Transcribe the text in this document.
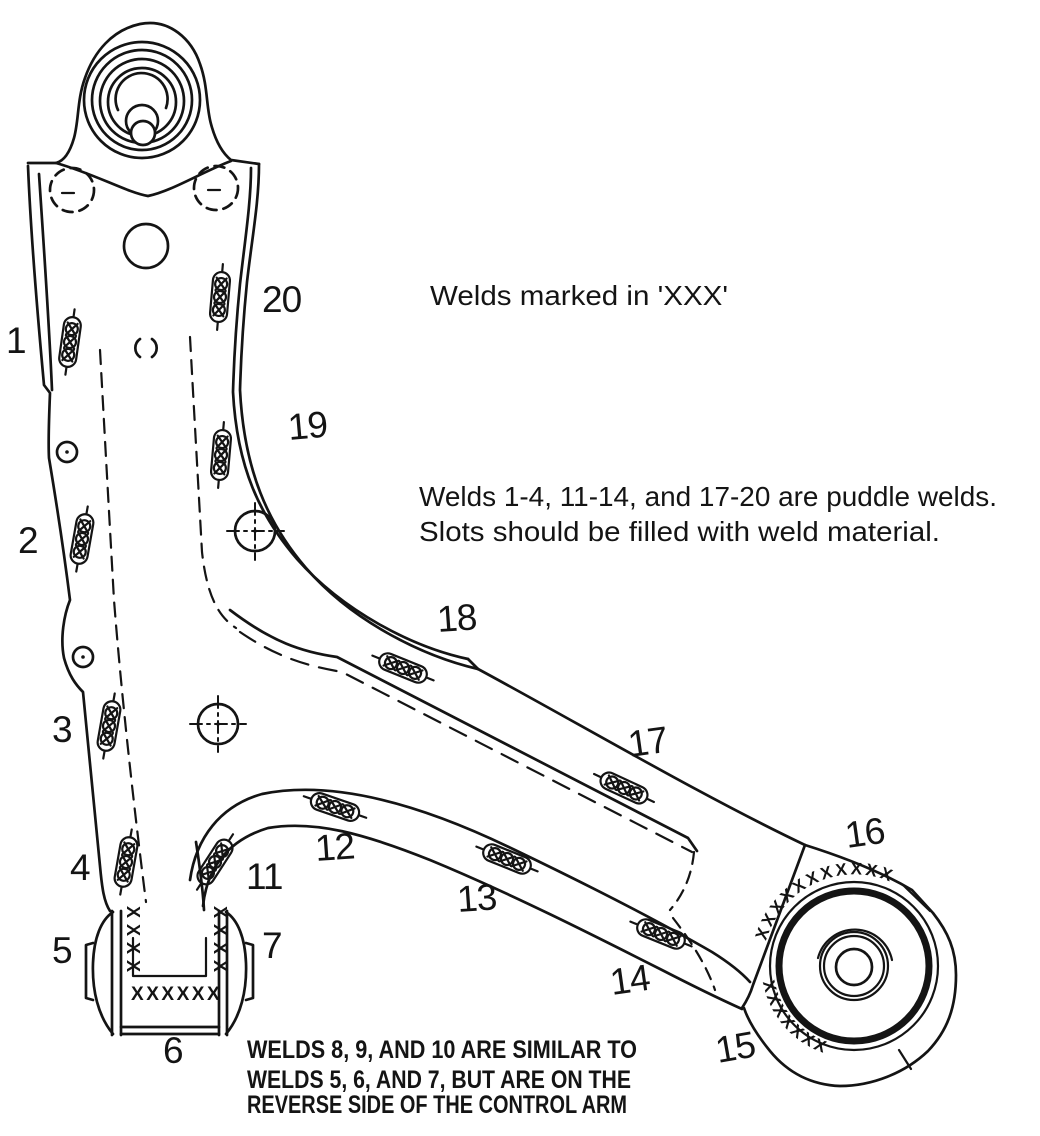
XXXXXXXXXXX
XXXXXXX
XXXX
XXXX
XXXXXX
1
2
3
4
5
6
7
11
12
13
14
15
16
17
18
19
20	Welds marked in 'XXX'
Welds 1-4, 11-14, and 17-20 are puddle welds.
Slots should be filled with weld material.
WELDS 8, 9, AND 10 ARE SIMILAR TO
WELDS 5, 6, AND 7, BUT ARE ON THE
REVERSE SIDE OF THE CONTROL ARM
